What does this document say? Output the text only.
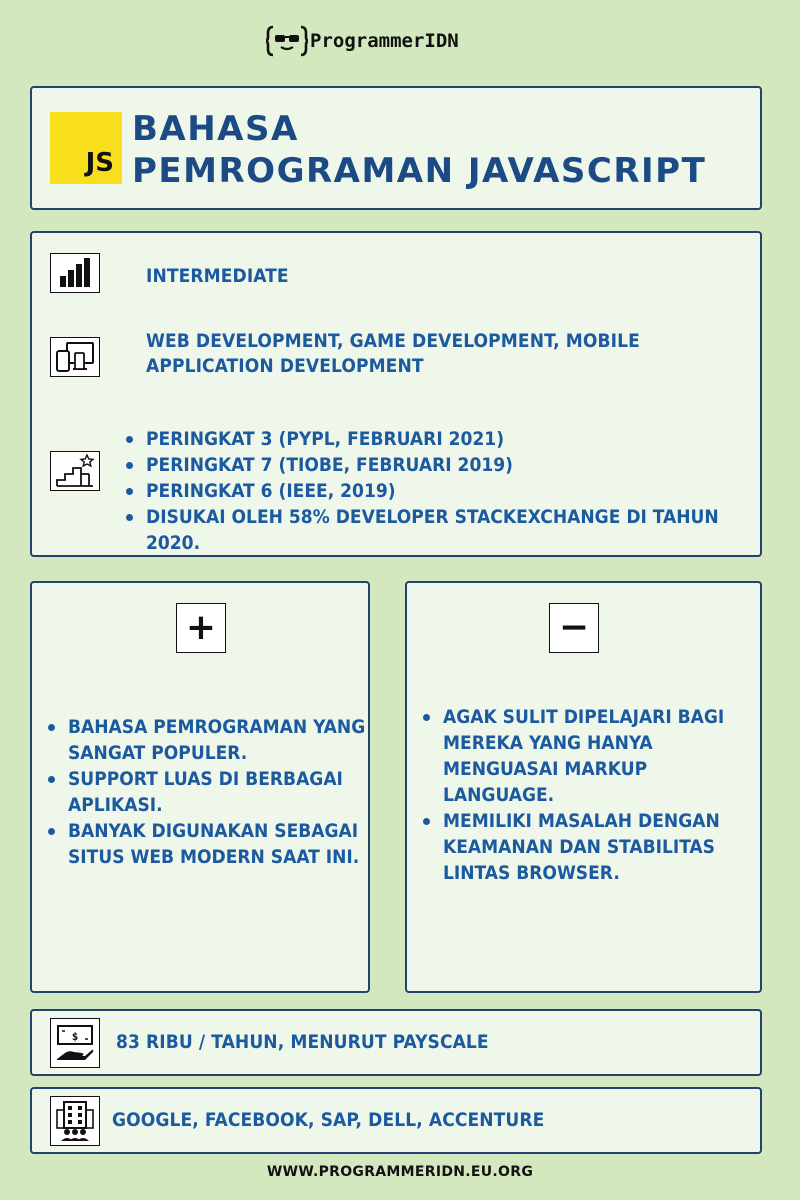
ProgrammerIDN
JS
BAHASA
PEMROGRAMAN JAVASCRIPT
INTERMEDIATE
WEB DEVELOPMENT, GAME DEVELOPMENT, MOBILE APPLICATION DEVELOPMENT
PERINGKAT 3 (PYPL, FEBRUARI 2021)
PERINGKAT 7 (TIOBE, FEBRUARI 2019)
PERINGKAT 6 (IEEE, 2019)
DISUKAI OLEH 58% DEVELOPER STACKEXCHANGE DI TAHUN 2020.
+
BAHASA PEMROGRAMAN YANG SANGAT POPULER.
SUPPORT LUAS DI BERBAGAI APLIKASI.
BANYAK DIGUNAKAN SEBAGAI SITUS WEB MODERN SAAT INI.
−
AGAK SULIT DIPELAJARI BAGI MEREKA YANG HANYA MENGUASAI MARKUP LANGUAGE.
MEMILIKI MASALAH DENGAN KEAMANAN DAN STABILITAS LINTAS BROWSER.
$ 83 RIBU / TAHUN, MENURUT PAYSCALE
GOOGLE, FACEBOOK, SAP, DELL, ACCENTURE
WWW.PROGRAMMERIDN.EU.ORG
